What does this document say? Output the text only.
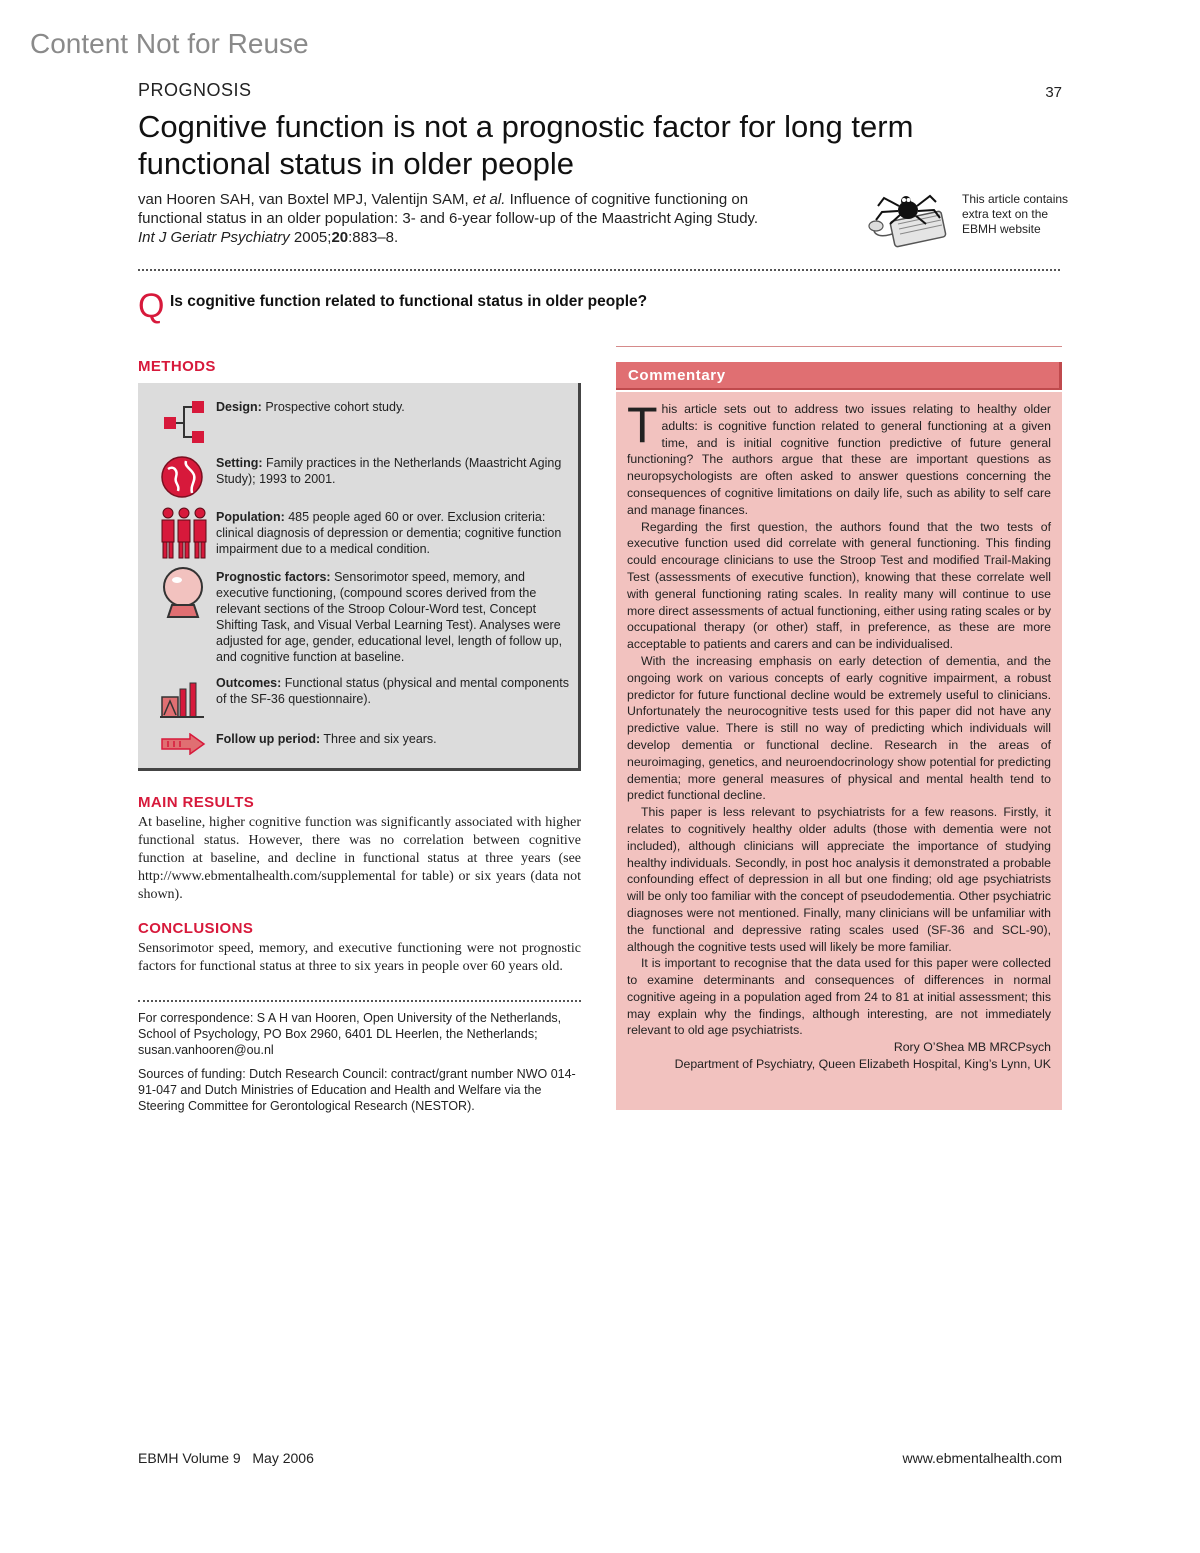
Content Not for Reuse
PROGNOSIS	37
Cognitive function is not a prognostic factor for long term
functional status in older people
van Hooren SAH, van Boxtel MPJ, Valentijn SAM, et al. Influence of cognitive functioning on
functional status in an older population: 3- and 6-year follow-up of the Maastricht Aging Study.
Int J Geriatr Psychiatry 2005;20:883–8.
This article contains extra text on the EBMH website
Q Is cognitive function related to functional status in older people?
METHODS
Design: Prospective cohort study.
Setting: Family practices in the Netherlands (Maastricht Aging Study); 1993 to 2001.
Population: 485 people aged 60 or over. Exclusion criteria: clinical diagnosis of depression or dementia; cognitive function impairment due to a medical condition.
Prognostic factors: Sensorimotor speed, memory, and executive functioning, (compound scores derived from the relevant sections of the Stroop Colour-Word test, Concept Shifting Task, and Visual Verbal Learning Test). Analyses were adjusted for age, gender, educational level, length of follow up, and cognitive function at baseline.
Outcomes: Functional status (physical and mental components of the SF-36 questionnaire).
Follow up period: Three and six years.
MAIN RESULTS
At baseline, higher cognitive function was significantly associated with higher functional status. However, there was no correlation between cognitive function at baseline, and decline in functional status at three years (see http://www.ebmentalhealth.com/supplemental for table) or six years (data not shown).
CONCLUSIONS
Sensorimotor speed, memory, and executive functioning were not prognostic factors for functional status at three to six years in people over 60 years old.
For correspondence: S A H van Hooren, Open University of the Netherlands, School of Psychology, PO Box 2960, 6401 DL Heerlen, the Netherlands; susan.vanhooren@ou.nl
Sources of funding: Dutch Research Council: contract/grant number NWO 014-91-047 and Dutch Ministries of Education and Health and Welfare via the Steering Committee for Gerontological Research (NESTOR).
Commentary

This article sets out to address two issues relating to healthy older adults: is cognitive function related to general functioning at a given time, and is initial cognitive function predictive of future general functioning? The authors argue that these are important questions as neuropsychologists are often asked to answer questions concerning the consequences of cognitive limitations on daily life, such as ability to self care and manage finances.

Regarding the first question, the authors found that the two tests of executive function used did correlate with general functioning. This finding could encourage clinicians to use the Stroop Test and modified Trail-Making Test (assessments of executive function), knowing that these correlate well with general functioning rating scales. In reality many will continue to use more direct assessments of actual functioning, either using rating scales or by occupational therapy (or other) staff, in preference, as these are more acceptable to patients and carers and can be individualised.

With the increasing emphasis on early detection of dementia, and the ongoing work on various concepts of early cognitive impairment, a robust predictor for future functional decline would be extremely useful to clinicians. Unfortunately the neurocognitive tests used for this paper did not have any predictive value. There is still no way of predicting which individuals will develop dementia or functional decline. Research in the areas of neuroimaging, genetics, and neuroendocrinology show potential for predicting dementia; more general measures of physical and mental health tend to predict functional decline.

This paper is less relevant to psychiatrists for a few reasons. Firstly, it relates to cognitively healthy older adults (those with dementia were not included), although clinicians will appreciate the importance of studying healthy individuals. Secondly, in post hoc analysis it demonstrated a probable confounding effect of depression in all but one finding; old age psychiatrists will be only too familiar with the concept of pseudodementia. Other psychiatric diagnoses were not mentioned. Finally, many clinicians will be unfamiliar with the functional and depressive rating scales used (SF-36 and SCL-90), although the cognitive tests used will likely be more familiar.

It is important to recognise that the data used for this paper were collected to examine determinants and consequences of differences in normal cognitive ageing in a population aged from 24 to 81 at initial assessment; this may explain why the findings, although interesting, are not immediately relevant to old age psychiatrists.

Rory O’Shea MB MRCPsych
Department of Psychiatry, Queen Elizabeth Hospital, King’s Lynn, UK
EBMH Volume 9   May 2006	www.ebmentalhealth.com
